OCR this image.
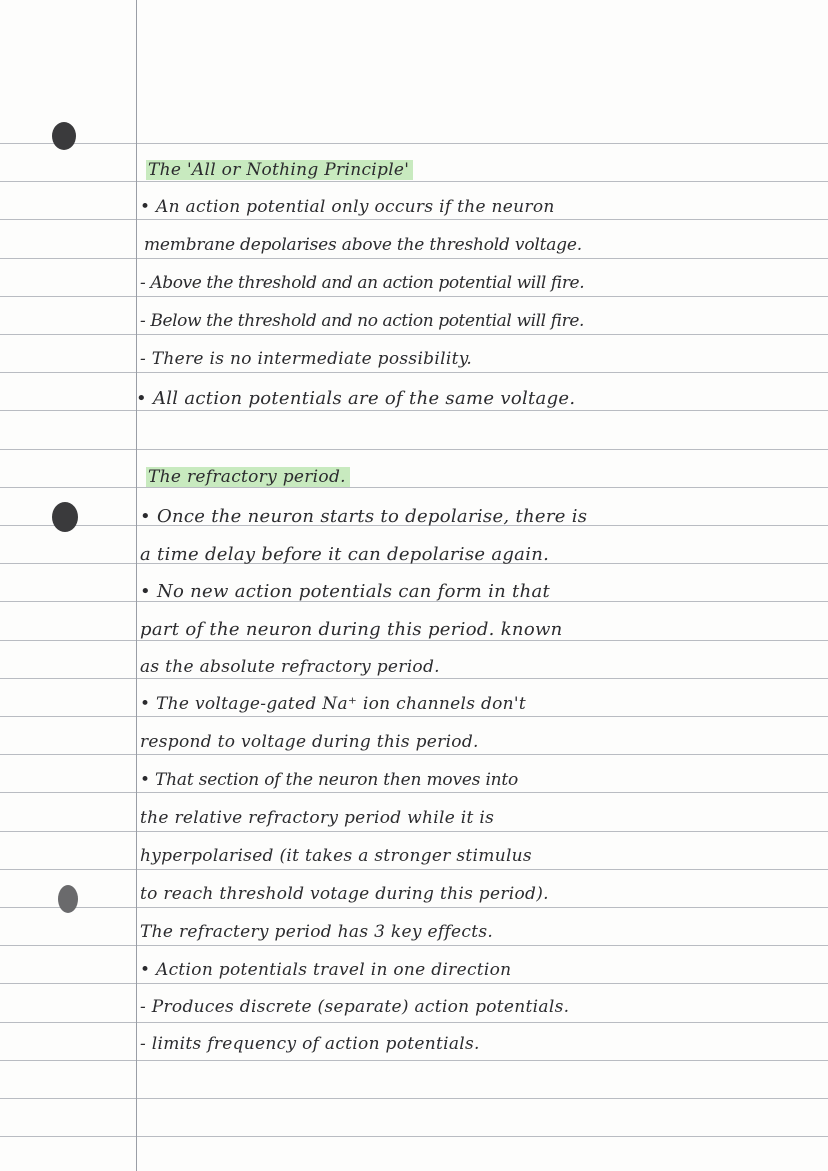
The 'All or Nothing Principle'
• An action potential only occurs if the neuron
membrane depolarises above the threshold voltage.
- Above the threshold and an action potential will fire.
- Below the threshold and no action potential will fire.
- There is no intermediate possibility.
• All action potentials are of the same voltage.
The refractory period.
• Once the neuron starts to depolarise, there is
a time delay before it can depolarise again.
• No new action potentials can form in that
part of the neuron during this period. known
as the absolute refractory period.
• The voltage-gated Na⁺ ion channels don't
respond to voltage during this period.
• That section of the neuron then moves into
the relative refractory period while it is
hyperpolarised (it takes a stronger stimulus
to reach threshold votage during this period).
The refractery period has 3 key effects.
• Action potentials travel in one direction
- Produces discrete (separate) action potentials.
- limits frequency of action potentials.
